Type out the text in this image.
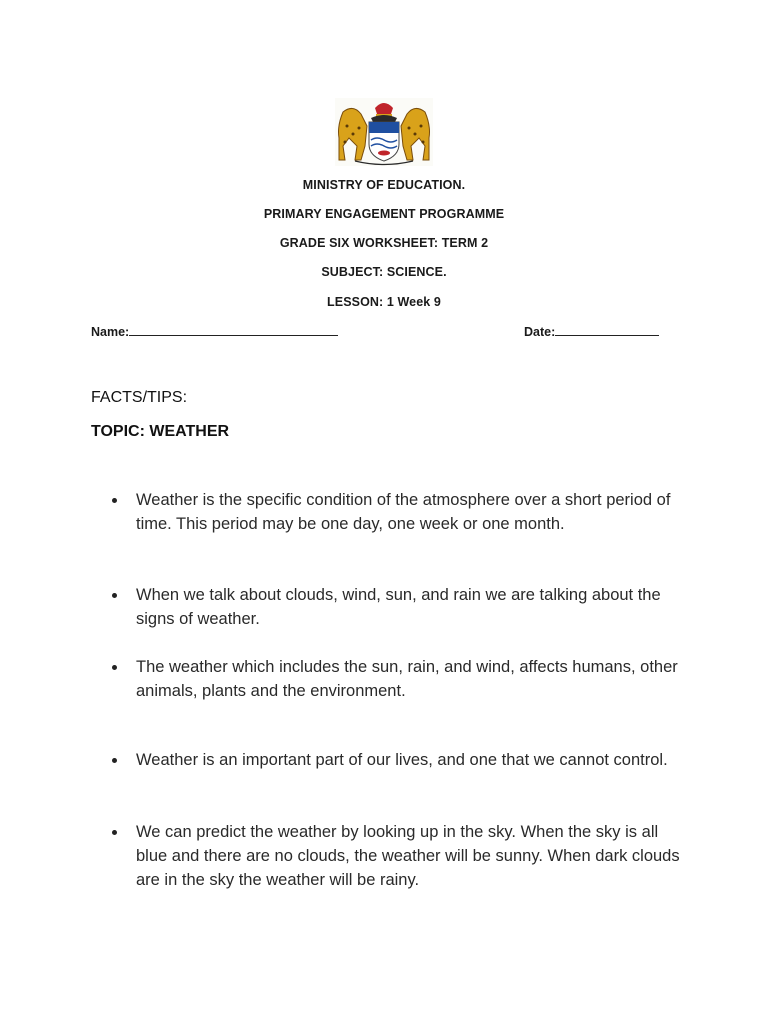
MINISTRY OF EDUCATION.
PRIMARY ENGAGEMENT PROGRAMME
GRADE SIX WORKSHEET: TERM 2
SUBJECT: SCIENCE.
LESSON: 1 Week 9
Name:	Date:
FACTS/TIPS:
TOPIC: WEATHER
Weather is the specific condition of the atmosphere over a short period of time. This period may be one day, one week or one month.
When we talk about clouds, wind, sun, and rain we are talking about the signs of weather.
The weather which includes the sun, rain, and wind, affects humans, other animals, plants and the environment.
Weather is an important part of our lives, and one that we cannot control.
We can predict the weather by looking up in the sky. When the sky is all blue and there are no clouds, the weather will be sunny. When dark clouds are in the sky the weather will be rainy.
